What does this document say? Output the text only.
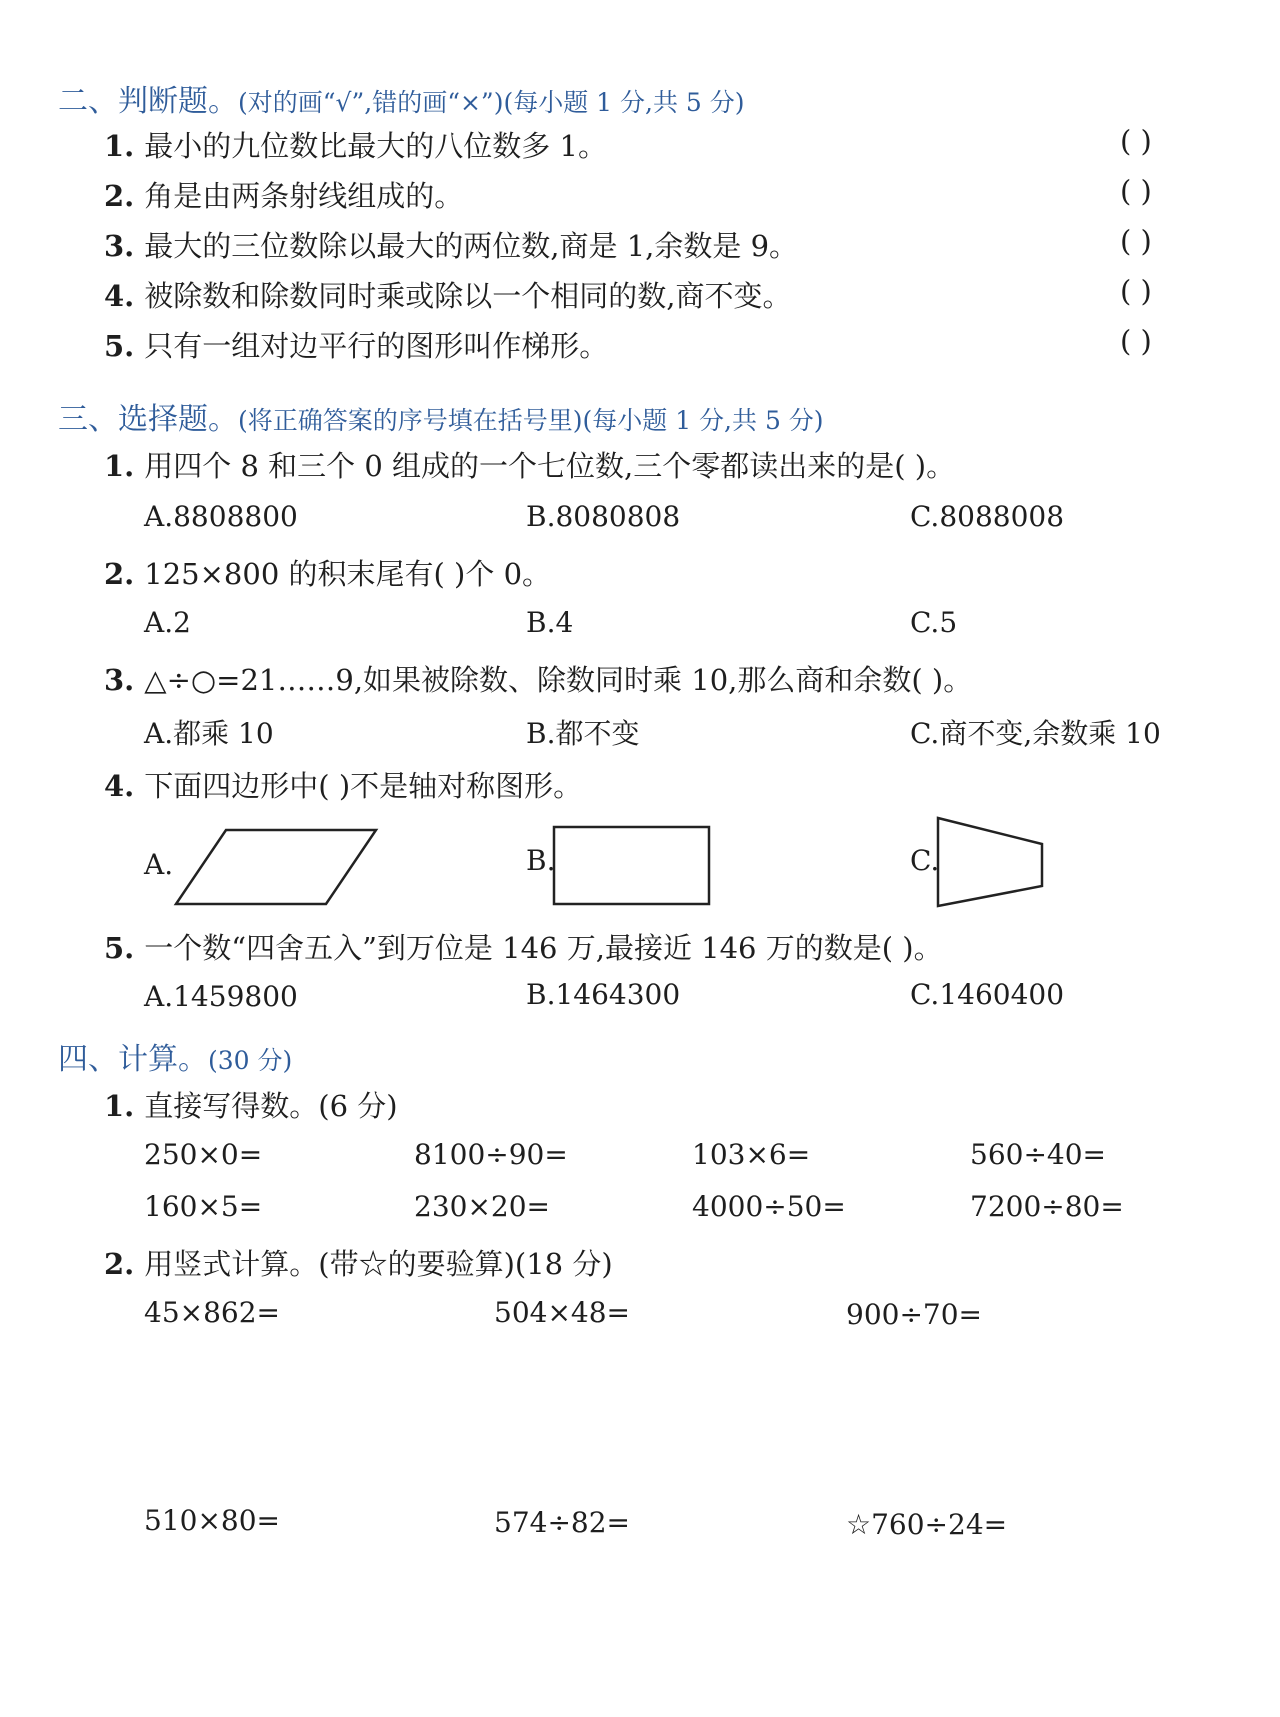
二、判断题。(对的画“√”,错的画“×”)(每小题 1 分,共 5 分)
1. 最小的九位数比最大的八位数多 1。	( )
2. 角是由两条射线组成的。	( )
3. 最大的三位数除以最大的两位数,商是 1,余数是 9。	( )
4. 被除数和除数同时乘或除以一个相同的数,商不变。	( )
5. 只有一组对边平行的图形叫作梯形。	( )
三、选择题。(将正确答案的序号填在括号里)(每小题 1 分,共 5 分)
1. 用四个 8 和三个 0 组成的一个七位数,三个零都读出来的是( )。
A.8808800	B.8080808	C.8088008
2. 125×800 的积末尾有( )个 0。
A.2	B.4	C.5
3. △÷○=21……9,如果被除数、除数同时乘 10,那么商和余数( )。
A.都乘 10	B.都不变	C.商不变,余数乘 10
4. 下面四边形中( )不是轴对称图形。
A.	B.	C.
5. 一个数“四舍五入”到万位是 146 万,最接近 146 万的数是( )。
A.1459800	B.1464300	C.1460400
四、计算。(30 分)
1. 直接写得数。(6 分)
250×0=	8100÷90=	103×6=	560÷40=
160×5=	230×20=	4000÷50=	7200÷80=
2. 用竖式计算。(带☆的要验算)(18 分)
45×862=	504×48=	900÷70=
510×80=	574÷82=	☆760÷24=
